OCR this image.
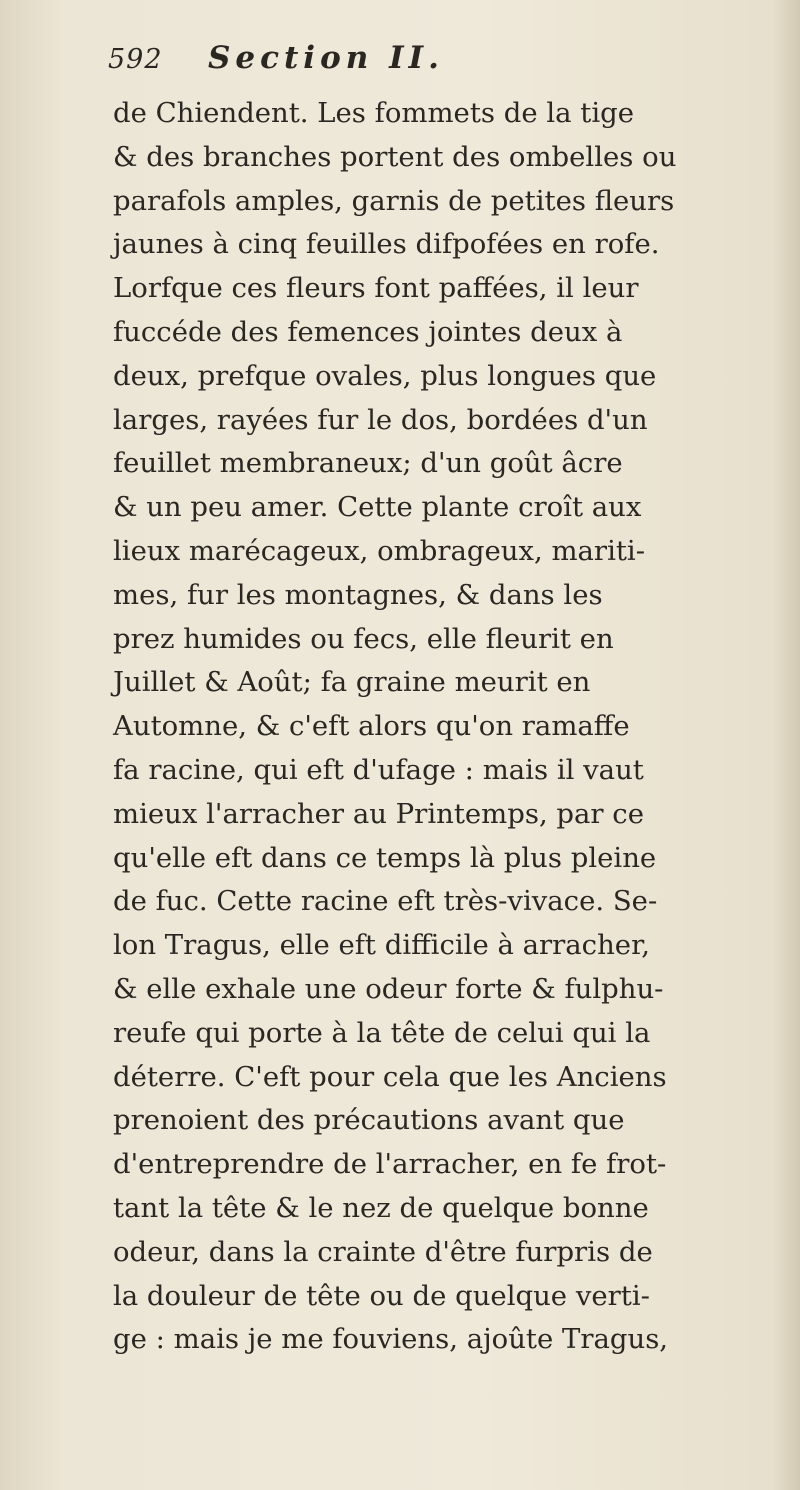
592	Section II.
de Chiendent. Les fommets de la tige
& des branches portent des ombelles ou
parafols amples, garnis de petites fleurs
jaunes à cinq feuilles difpofées en rofe.
Lorfque ces fleurs font paffées, il leur
fuccéde des femences jointes deux à
deux, prefque ovales, plus longues que
larges, rayées fur le dos, bordées d'un
feuillet membraneux; d'un goût âcre
& un peu amer. Cette plante croît aux
lieux marécageux, ombrageux, mariti-
mes, fur les montagnes, & dans les
prez humides ou fecs, elle fleurit en
Juillet & Août; fa graine meurit en
Automne, & c'eft alors qu'on ramaffe
fa racine, qui eft d'ufage : mais il vaut
mieux l'arracher au Printemps, par ce
qu'elle eft dans ce temps là plus pleine
de fuc. Cette racine eft très-vivace. Se-
lon Tragus, elle eft difficile à arracher,
& elle exhale une odeur forte & fulphu-
reufe qui porte à la tête de celui qui la
déterre. C'eft pour cela que les Anciens
prenoient des précautions avant que
d'entreprendre de l'arracher, en fe frot-
tant la tête & le nez de quelque bonne
odeur, dans la crainte d'être furpris de
la douleur de tête ou de quelque verti-
ge : mais je me fouviens, ajoûte Tragus,
